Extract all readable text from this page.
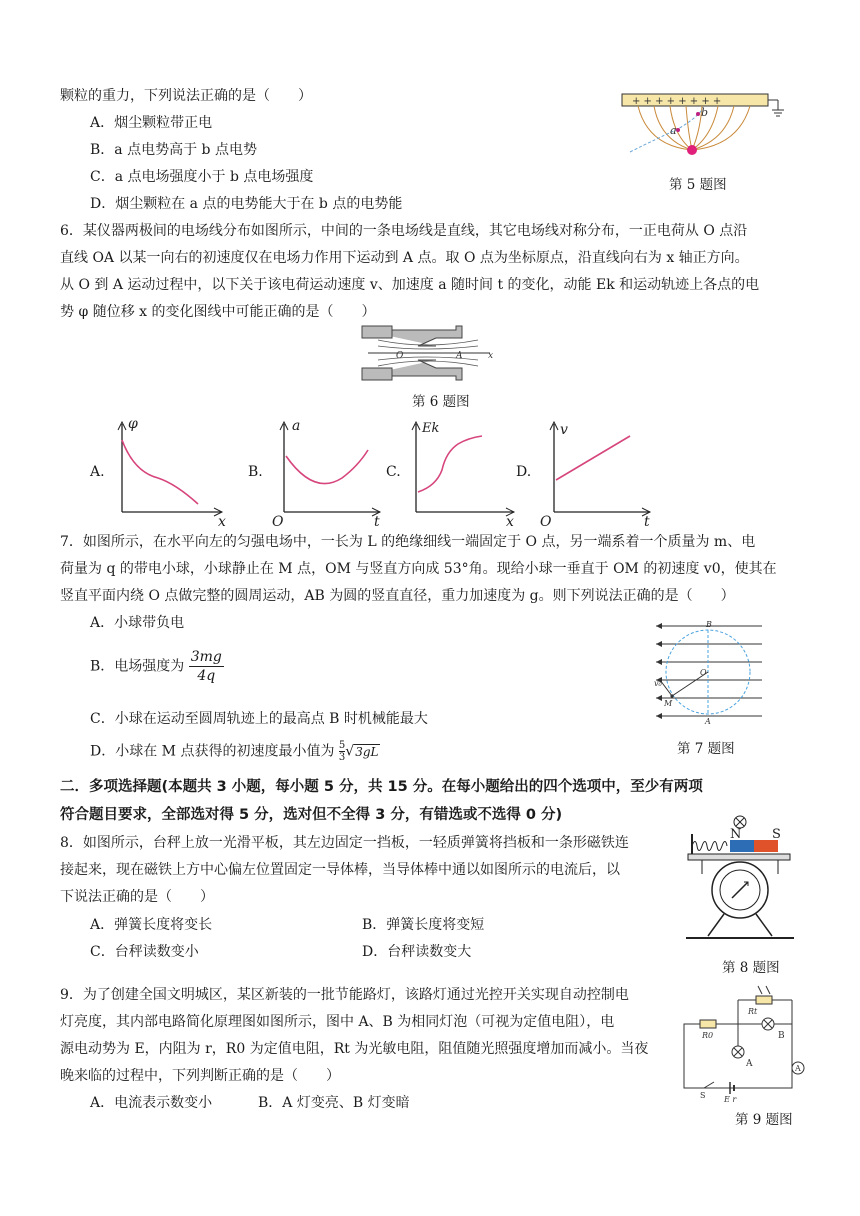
颗粒的重力，下列说法正确的是（　　）
A．烟尘颗粒带正电
B．a 点电势高于 b 点电势
C．a 点电场强度小于 b 点电场强度
D．烟尘颗粒在 a 点的电势能大于在 b 点的电势能
+ + + + + + + +
a
b
第 5 题图
6．某仪器两极间的电场线分布如图所示，中间的一条电场线是直线，其它电场线对称分布，一正电荷从 O 点沿
直线 OA 以某一向右的初速度仅在电场力作用下运动到 A 点。取 O 点为坐标原点，沿直线向右为 x 轴正方向。
从 O 到 A 运动过程中，以下关于该电荷运动速度 v、加速度 a 随时间 t 的变化，动能 Ek 和运动轨迹上各点的电
势 φ 随位移 x 的变化图线中可能正确的是（　　）
O	A	x
第 6 题图
A.
φ
x
B.
a
O	t
C.
Ek
x
D.
v
O	t
7．如图所示，在水平向左的匀强电场中，一长为 L 的绝缘细线一端固定于 O 点，另一端系着一个质量为 m、电
荷量为 q 的带电小球，小球静止在 M 点，OM 与竖直方向成 53°角。现给小球一垂直于 OM 的初速度 v0，使其在
竖直平面内绕 O 点做完整的圆周运动，AB 为圆的竖直直径，重力加速度为 g。则下列说法正确的是（　　）
A．小球带负电
B．电场强度为 $\frac{3mg}{4q}$
C．小球在运动至圆周轨迹上的最高点 B 时机械能最大
D．小球在 M 点获得的初速度最小值为 $\frac{5}{3}√3gL$
B
O
A
M
v₀
第 7 题图
二．多项选择题(本题共 3 小题，每小题 5 分，共 15 分。在每小题给出的四个选项中，至少有两项
符合题目要求，全部选对得 5 分，选对但不全得 3 分，有错选或不选得 0 分)
8．如图所示，台秤上放一光滑平板，其左边固定一挡板，一轻质弹簧将挡板和一条形磁铁连
接起来，现在磁铁上方中心偏左位置固定一导体棒，当导体棒中通以如图所示的电流后，以
下说法正确的是（　　）
A．弹簧长度将变长	B．弹簧长度将变短
C．台秤读数变小	D．台秤读数变大
N S
第 8 题图
9．为了创建全国文明城区，某区新装的一批节能路灯，该路灯通过光控开关实现自动控制电
灯亮度，其内部电路简化原理图如图所示，图中 A、B 为相同灯泡（可视为定值电阻），电
源电动势为 E，内阻为 r，R0 为定值电阻，Rt 为光敏电阻，阻值随光照强度增加而减小。当夜
晚来临的过程中，下列判断正确的是（　　）
A．电流表示数变小	B．A 灯变亮、B 灯变暗
Rt
R0	B
A	A
S E r
第 9 题图
